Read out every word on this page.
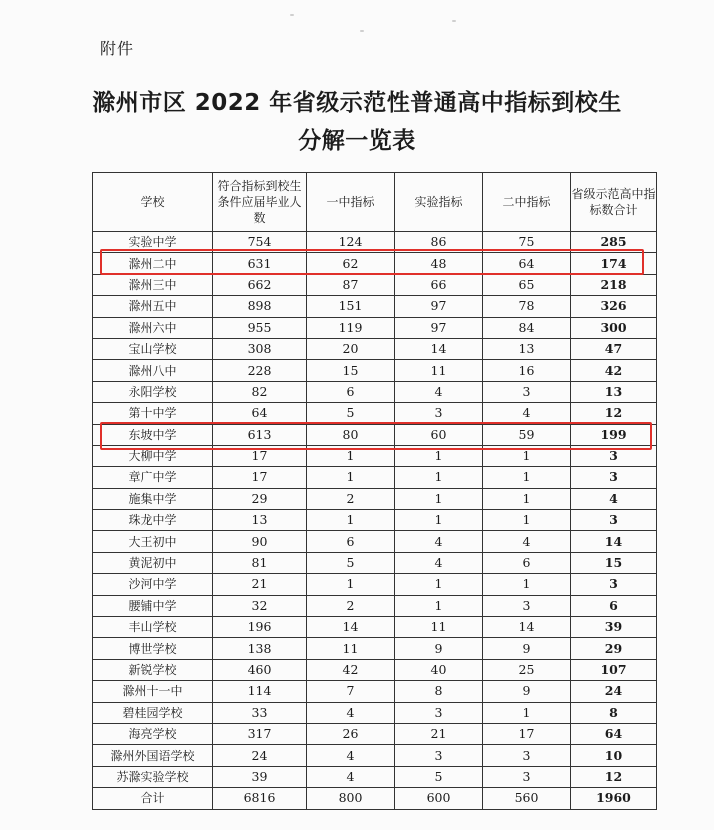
附件
滁州市区 2022 年省级示范性普通高中指标到校生
分解一览表
学校	符合指标到校生条件应届毕业人数	一中指标	实验指标	二中指标	省级示范高中指标数合计
实验中学	754	124	86	75	285
滁州二中	631	62	48	64	174
滁州三中	662	87	66	65	218
滁州五中	898	151	97	78	326
滁州六中	955	119	97	84	300
宝山学校	308	20	14	13	47
滁州八中	228	15	11	16	42
永阳学校	82	6	4	3	13
第十中学	64	5	3	4	12
东坡中学	613	80	60	59	199
大柳中学	17	1	1	1	3
章广中学	17	1	1	1	3
施集中学	29	2	1	1	4
珠龙中学	13	1	1	1	3
大王初中	90	6	4	4	14
黄泥初中	81	5	4	6	15
沙河中学	21	1	1	1	3
腰铺中学	32	2	1	3	6
丰山学校	196	14	11	14	39
博世学校	138	11	9	9	29
新锐学校	460	42	40	25	107
滁州十一中	114	7	8	9	24
碧桂园学校	33	4	3	1	8
海亮学校	317	26	21	17	64
滁州外国语学校	24	4	3	3	10
苏滁实验学校	39	4	5	3	12
合计	6816	800	600	560	1960
